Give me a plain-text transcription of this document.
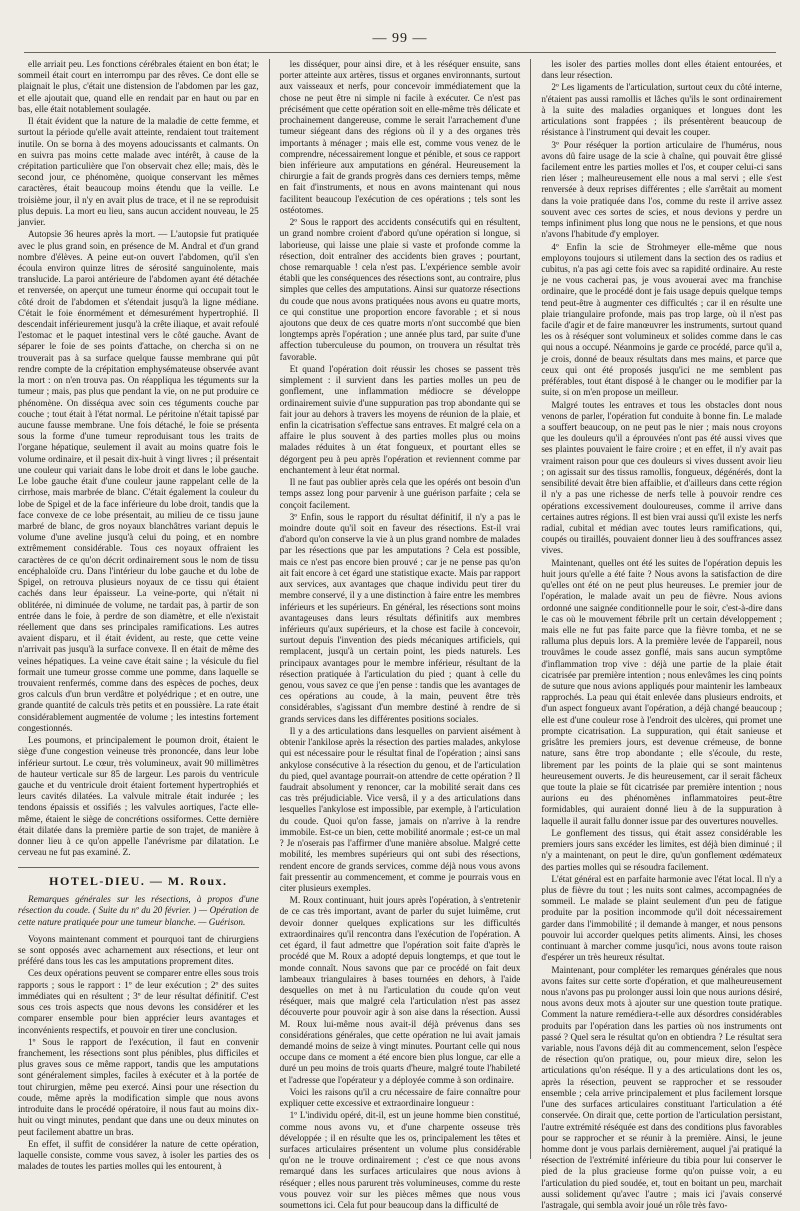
— 99 —

elle arriait peu. Les fonctions cérébrales étaient en bon état; le sommeil était court en interrompu par des rêves. Ce dont elle se plaignait le plus, c'était une distension de l'abdomen par les gaz, et elle ajoutait que, quand elle en rendait par en haut ou par en bas, elle était notablement soulagée.

Il était évident que la nature de la maladie de cette femme, et surtout la période qu'elle avait atteinte, rendaient tout traitement inutile. On se borna à des moyens adoucissants et calmants. On en suivra pas moins cette malade avec intérêt, à cause de la crépitation particulière que l'on observait chez elle; mais, dès le second jour, ce phénomène, quoique conservant les mêmes caractères, était beaucoup moins étendu que la veille. Le troisième jour, il n'y en avait plus de trace, et il ne se reproduisit plus depuis. La mort eu lieu, sans aucun accident nouveau, le 25 janvier.

Autopsie 36 heures après la mort. — L'autopsie fut pratiquée avec le plus grand soin, en présence de M. Andral et d'un grand nombre d'élèves. A peine eut-on ouvert l'abdomen, qu'il s'en écoula environ quinze litres de sérosité sanguinolente, mais translucide. La paroi antérieure de l'abdomen ayant été détachée et renversée, on aperçut une tumeur énorme qui occupait tout le côté droit de l'abdomen et s'étendait jusqu'à la ligne médiane. C'était le foie énormément et démesurément hypertrophié. Il descendait inférieurement jusqu'à la crête iliaque, et avait refoulé l'estomac et le paquet intestinal vers le côté gauche. Avant de séparer le foie de ses points d'attache, on chercha si on ne trouverait pas à sa surface quelque fausse membrane qui pût rendre compte de la crépitation emphysémateuse observée avant la mort : on n'en trouva pas. On réappliqua les téguments sur la tumeur ; mais, pas plus que pendant la vie, on ne put produire ce phénomène. On disséqua avec soin ces téguments couche par couche ; tout était à l'état normal. Le péritoine n'était tapissé par aucune fausse membrane. Une fois détaché, le foie se présenta sous la forme d'une tumeur reproduisant tous les traits de l'organe hépatique, seulement il avait au moins quatre fois le volume ordinaire, et il pesait dix-huit à vingt livres ; il présentait une couleur qui variait dans le lobe droit et dans le lobe gauche. Le lobe gauche était d'une couleur jaune rappelant celle de la cirrhose, mais marbrée de blanc. C'était également la couleur du lobe de Spigel et de la face inférieure du lobe droit, tandis que la face convexe de ce lobe présentait, au milieu de ce tissu jaune marbré de blanc, de gros noyaux blanchâtres variant depuis le volume d'une aveline jusqu'à celui du poing, et en nombre extrêmement considérable. Tous ces noyaux offraient les caractères de ce qu'on décrit ordinairement sous le nom de tissu encéphaloïde cru. Dans l'intérieur du lobe gauche et du lobe de Spigel, on retrouva plusieurs noyaux de ce tissu qui étaient cachés dans leur épaisseur. La veine-porte, qui n'était ni oblitérée, ni diminuée de volume, ne tardait pas, à partir de son entrée dans le foie, à perdre de son diamètre, et elle n'existait réellement que dans ses principales ramifications. Les autres avaient disparu, et il était évident, au reste, que cette veine n'arrivait pas jusqu'à la surface convexe. Il en était de même des veines hépatiques. La veine cave était saine ; la vésicule du fiel formait une tumeur grosse comme une pomme, dans laquelle se trouvaient renfermés, comme dans des espèces de poches, deux gros calculs d'un brun verdâtre et polyédrique ; et en outre, une grande quantité de calculs très petits et en poussière. La rate était considérablement augmentée de volume ; les intestins fortement congestionnés.

Les poumons, et principalement le poumon droit, étaient le siège d'une congestion veineuse très prononcée, dans leur lobe inférieur surtout. Le cœur, très volumineux, avait 90 millimètres de hauteur verticale sur 85 de largeur. Les parois du ventricule gauche et du ventricule droit étaient fortement hypertrophiés et leurs cavités dilatées. La valvule mitrale était indurée ; les tendons épaissis et ossifiés ; les valvules aortiques, l'acte elle-même, étaient le siège de concrétions ossiformes. Cette dernière était dilatée dans la première partie de son trajet, de manière à donner lieu à ce qu'on appelle l'anévrisme par dilatation. Le cerveau ne fut pas examiné. Z.

HOTEL-DIEU. — M. Roux.
Remarques générales sur les résections, à propos d'une résection du coude. ( Suite du nº du 20 février. ) — Opération de cette nature pratiquée pour une tumeur blanche. — Guérison.

Voyons maintenant comment et pourquoi tant de chirurgiens se sont opposés avec acharnement aux résections, et leur ont préféré dans tous les cas les amputations proprement dites.

Ces deux opérations peuvent se comparer entre elles sous trois rapports ; sous le rapport : 1º de leur exécution ; 2º des suites immédiates qui en résultent ; 3º de leur résultat définitif. C'est sous ces trois aspects que nous devons les considérer et les comparer ensemble pour bien apprécier leurs avantages et inconvénients respectifs, et pouvoir en tirer une conclusion.

1º Sous le rapport de l'exécution, il faut en convenir franchement, les résections sont plus pénibles, plus difficiles et plus graves sous ce même rapport, tandis que les amputations sont généralement simples, faciles à exécuter et à la portée de tout chirurgien, même peu exercé. Ainsi pour une résection du coude, même après la modification simple que nous avons introduite dans le procédé opératoire, il nous faut au moins dix-huit ou vingt minutes, pendant que dans une ou deux minutes on peut facilement abattre un bras.

En effet, il suffit de considérer la nature de cette opération, laquelle consiste, comme vous savez, à isoler les parties des os malades de toutes les parties molles qui les entourent, à

les disséquer, pour ainsi dire, et à les réséquer ensuite, sans porter atteinte aux artères, tissus et organes environnants, surtout aux vaisseaux et nerfs, pour concevoir immédiatement que la chose ne peut être ni simple ni facile à exécuter. Ce n'est pas précisément que cette opération soit en elle-même très délicate et prochainement dangereuse, comme le serait l'arrachement d'une tumeur siégeant dans des régions où il y a des organes très importants à ménager ; mais elle est, comme vous venez de le comprendre, nécessairement longue et pénible, et sous ce rapport bien inférieure aux amputations en général. Heureusement la chirurgie a fait de grands progrès dans ces derniers temps, même en fait d'instruments, et nous en avons maintenant qui nous facilitent beaucoup l'exécution de ces opérations ; tels sont les ostéotomes.

2º Sous le rapport des accidents consécutifs qui en résultent, un grand nombre croient d'abord qu'une opération si longue, si laborieuse, qui laisse une plaie si vaste et profonde comme la résection, doit entraîner des accidents bien graves ; pourtant, chose remarquable ! cela n'est pas. L'expérience semble avoir établi que les conséquences des résections sont, au contraire, plus simples que celles des amputations. Ainsi sur quatorze résections du coude que nous avons pratiquées nous avons eu quatre morts, ce qui constitue une proportion encore favorable ; et si nous ajoutons que deux de ces quatre morts n'ont succombé que bien longtemps après l'opération ; une année plus tard, par suite d'une affection tuberculeuse du poumon, on trouvera un résultat très favorable.

Et quand l'opération doit réussir les choses se passent très simplement : il survient dans les parties molles un peu de gonflement, une inflammation médiocre se développe ordinairement suivie d'une suppuration pas trop abondante qui se fait jour au dehors à travers les moyens de réunion de la plaie, et enfin la cicatrisation s'effectue sans entraves. Et malgré cela on a affaire le plus souvent à des parties molles plus ou moins malades réduites à un état fongueux, et pourtant elles se dégorgent peu à peu après l'opération et reviennent comme par enchantement à leur état normal.

Il ne faut pas oublier après cela que les opérés ont besoin d'un temps assez long pour parvenir à une guérison parfaite ; cela se conçoit facilement.

3º Enfin, sous le rapport du résultat définitif, il n'y a pas le moindre doute qu'il soit en faveur des résections. Est-il vrai d'abord qu'on conserve la vie à un plus grand nombre de malades par les résections que par les amputations ? Cela est possible, mais ce n'est pas encore bien prouvé ; car je ne pense pas qu'on ait fait encore à cet égard une statistique exacte. Mais par rapport aux services, aux avantages que chaque individu peut tirer du membre conservé, il y a une distinction à faire entre les membres inférieurs et les supérieurs. En général, les résections sont moins avantageuses dans leurs résultats définitifs aux membres inférieurs qu'aux supérieurs, et la chose est facile à concevoir, surtout depuis l'invention des pieds mécaniques artificiels, qui remplacent, jusqu'à un certain point, les pieds naturels. Les principaux avantages pour le membre inférieur, résultant de la résection pratiquée à l'articulation du pied ; quant à celle du genou, vous savez ce que j'en pense : tandis que les avantages de ces opérations au coude, à la main, peuvent être très considérables, s'agissant d'un membre destiné à rendre de si grands services dans les différentes positions sociales.

Il y a des articulations dans lesquelles on parvient aisément à obtenir l'ankilose après la résection des parties malades, ankylose qui est nécessaire pour le résultat final de l'opération ; ainsi sans ankylose consécutive à la résection du genou, et de l'articulation du pied, quel avantage pourrait-on attendre de cette opération ? Il faudrait absolument y renoncer, car la mobilité serait dans ces cas très préjudiciable. Vice versâ, il y a des articulations dans lesquelles l'ankylose est impossible, par exemple, à l'articulation du coude. Quoi qu'on fasse, jamais on n'arrive à la rendre immobile. Est-ce un bien, cette mobilité anormale ; est-ce un mal ? Je n'oserais pas l'affirmer d'une manière absolue. Malgré cette mobilité, les membres supérieurs qui ont subi des résections, rendent encore de grands services, comme déjà nous vous avons fait pressentir au commencement, et comme je pourrais vous en citer plusieurs exemples.

M. Roux continuant, huit jours après l'opération, à s'entretenir de ce cas très important, avant de parler du sujet luimême, crut devoir donner quelques explications sur les difficultés extraordinaires qu'il rencontra dans l'exécution de l'opération. A cet égard, il faut admettre que l'opération soit faite d'après le procédé que M. Roux a adopté depuis longtemps, et que tout le monde connaît. Nous savons que par ce procédé on fait deux lambeaux triangulaires à bases tournées en dehors, à l'aide desquelles on met à nu l'articulation du coude qu'on veut réséquer, mais que malgré cela l'articulation n'est pas assez découverte pour pouvoir agir à son aise dans la résection. Aussi M. Roux lui-même nous avait-il déjà prévenus dans ses considérations générales, que cette opération ne lui avait jamais demandé moins de seize à vingt minutes. Pourtant celle qui nous occupe dans ce moment a été encore bien plus longue, car elle a duré un peu moins de trois quarts d'heure, malgré toute l'habileté et l'adresse que l'opérateur y a déployée comme à son ordinaire.

Voici les raisons qu'il a cru nécessaire de faire connaître pour expliquer cette excessive et extraordinaire longueur :

1º L'individu opéré, dit-il, est un jeune homme bien constitué, comme nous avons vu, et d'une charpente osseuse très développée ; il en résulte que les os, principalement les têtes et surfaces articulaires présentent un volume plus considérable qu'on ne le trouve ordinairement ; c'est ce que nous avons remarqué dans les surfaces articulaires que nous avions à réséquer ; elles nous parurent très volumineuses, comme du reste vous pouvez voir sur les pièces mêmes que nous vous soumettons ici. Cela fut pour beaucoup dans la difficulté de

les isoler des parties molles dont elles étaient entourées, et dans leur résection.

2º Les ligaments de l'articulation, surtout ceux du côté interne, n'étaient pas aussi ramollis et lâches qu'ils le sont ordinairement à la suite des maladies organiques et longues dont les articulations sont frappées ; ils présentèrent beaucoup de résistance à l'instrument qui devait les couper.

3º Pour réséquer la portion articulaire de l'humérus, nous avons dû faire usage de la scie à chaîne, qui pouvait être glissé facilement entre les parties molles et l'os, et couper celui-ci sans rien léser ; malheureusement elle nous a mal servi ; elle s'est renversée à deux reprises différentes ; elle s'arrêtait au moment dans la voie pratiquée dans l'os, comme du reste il arrive assez souvent avec ces sortes de scies, et nous devions y perdre un temps infiniment plus long que nous ne le pensions, et que nous n'avons l'habitude d'y employer.

4º Enfin la scie de Strohmeyer elle-même que nous employons toujours si utilement dans la section des os radius et cubitus, n'a pas agi cette fois avec sa rapidité ordinaire. Au reste je ne vous cacherai pas, je vous avouerai avec ma franchise ordinaire, que le procédé dont je fais usage depuis quelque temps tend peut-être à augmenter ces difficultés ; car il en résulte une plaie triangulaire profonde, mais pas trop large, où il n'est pas facile d'agir et de faire manœuvrer les instruments, surtout quand les os à réséquer sont volumineux et solides comme dans le cas qui nous a occupé. Néanmoins je garde ce procédé, parce qu'il a, je crois, donné de beaux résultats dans mes mains, et parce que ceux qui ont été proposés jusqu'ici ne me semblent pas préférables, tout étant disposé à le changer ou le modifier par la suite, si on m'en propose un meilleur.

Malgré toutes les entraves et tous les obstacles dont nous venons de parler, l'opération fut conduite à bonne fin. Le malade a souffert beaucoup, on ne peut pas le nier ; mais nous croyons que les douleurs qu'il a éprouvées n'ont pas été aussi vives que ses plaintes pouvaient le faire croire ; et en effet, il n'y avait pas vraiment raison pour que ces douleurs si vives dussent avoir lieu ; on agissait sur des tissus ramollis, fongueux, dégénérés, dont la sensibilité devait être bien affaiblie, et d'ailleurs dans cette région il n'y a pas une richesse de nerfs telle à pouvoir rendre ces opérations excessivement douloureuses, comme il arrive dans certaines autres régions. Il est bien vrai aussi qu'il existe les nerfs radial, cubital et médian avec toutes leurs ramifications, qui, coupés ou tiraillés, pouvaient donner lieu à des souffrances assez vives.

Maintenant, quelles ont été les suites de l'opération depuis les huit jours qu'elle a été faite ? Nous avons la satisfaction de dire qu'elles ont été on ne peut plus heureuses. Le premier jour de l'opération, le malade avait un peu de fièvre. Nous avions ordonné une saignée conditionnelle pour le soir, c'est-à-dire dans le cas où le mouvement fébrile prît un certain développement ; mais elle ne fut pas faite parce que la fièvre tomba, et ne se ralluma plus depuis lors. A la première levée de l'appareil, nous trouvâmes le coude assez gonflé, mais sans aucun symptôme d'inflammation trop vive : déjà une partie de la plaie était cicatrisée par première intention ; nous enlevâmes les cinq points de suture que nous avions appliqués pour maintenir les lambeaux rapprochés. La peau qui était enlevée dans plusieurs endroits, et d'un aspect fongueux avant l'opération, a déjà changé beaucoup ; elle est d'une couleur rose à l'endroit des ulcères, qui promet une prompte cicatrisation. La suppuration, qui était sanieuse et grisâtre les premiers jours, est devenue crémeuse, de bonne nature, sans être trop abondante ; elle s'écoule, du reste, librement par les points de la plaie qui se sont maintenus heureusement ouverts. Je dis heureusement, car il serait fâcheux que toute la plaie se fût cicatrisée par première intention ; nous aurions eu des phénomènes inflammatoires peut-être formidables, qui auraient donné lieu à de la suppuration à laquelle il aurait fallu donner issue par des ouvertures nouvelles.

Le gonflement des tissus, qui était assez considérable les premiers jours sans excéder les limites, est déjà bien diminué ; il n'y a maintenant, on peut le dire, qu'un gonflement œdémateux des parties molles qui se résoudra facilement.

L'état général est en parfaite harmonie avec l'état local. Il n'y a plus de fièvre du tout ; les nuits sont calmes, accompagnées de sommeil. Le malade se plaint seulement d'un peu de fatigue produite par la position incommode qu'il doit nécessairement garder dans l'immobilité ; il demande à manger, et nous pensons pouvoir lui accorder quelques petits aliments. Ainsi, les choses continuant à marcher comme jusqu'ici, nous avons toute raison d'espérer un très heureux résultat.

Maintenant, pour compléter les remarques générales que nous avons faites sur cette sorte d'opération, et que malheureusement nous n'avons pas pu prolonger aussi loin que nous aurions désiré, nous avons deux mots à ajouter sur une question toute pratique. Comment la nature remédiera-t-elle aux désordres considérables produits par l'opération dans les parties où nos instruments ont passé ? Quel sera le résultat qu'on en obtiendra ? Le résultat sera variable, nous l'avons déjà dit au commencement, selon l'espèce de résection qu'on pratique, ou, pour mieux dire, selon les articulations qu'on réséque. Il y a des articulations dont les os, après la résection, peuvent se rapprocher et se ressouder ensemble ; cela arrive principalement et plus facilement lorsque l'une des surfaces articulaires constituant l'articulation a été conservée. On dirait que, cette portion de l'articulation persistant, l'autre extrémité réséquée est dans des conditions plus favorables pour se rapprocher et se réunir à la première. Ainsi, le jeune homme dont je vous parlais dernièrement, auquel j'ai pratiqué la résection de l'extrémité inférieure du tibia pour lui conserver le pied de la plus gracieuse forme qu'on puisse voir, a eu l'articulation du pied soudée, et, tout en boitant un peu, marchait aussi solidement qu'avec l'autre ; mais ici j'avais conservé l'astragale, qui sembla avoir joué un rôle très favo-
